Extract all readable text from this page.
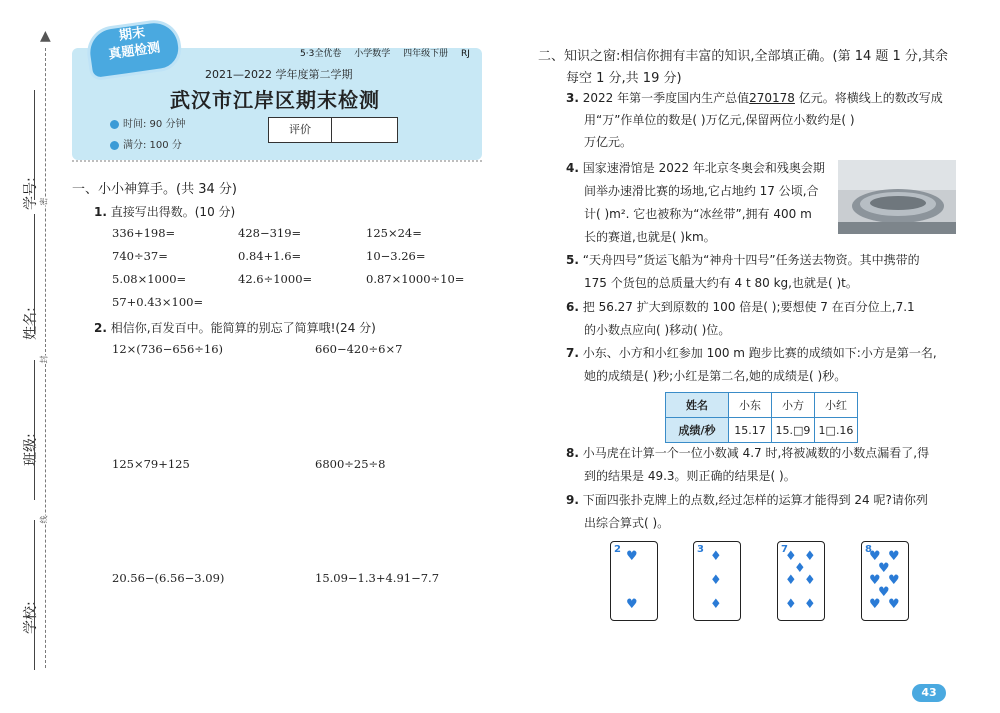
▲
密
封
线
学校:
班级:
姓名:
学号:
期末
真题检测	5·3全优卷 小学数学 四年级下册 RJ
2021—2022 学年度第二学期
武汉市江岸区期末检测
时间: 90 分钟
满分: 100 分
评价
一、小小神算手。(共 34 分)
1. 直接写出得数。(10 分)
336+198=	428−319=	125×24=
740÷37=	0.84+1.6=	10−3.26=
5.08×1000=	42.6÷1000=	0.87×1000÷10=
57+0.43×100=
2. 相信你,百发百中。能简算的别忘了简算哦!(24 分)
12×(736−656÷16)	660−420÷6×7
125×79+125	6800÷25÷8
20.56−(6.56−3.09)	15.09−1.3+4.91−7.7
二、知识之窗:相信你拥有丰富的知识,全部填正确。(第 14 题 1 分,其余
每空 1 分,共 19 分)
3. 2022 年第一季度国内生产总值270178 亿元。将横线上的数改写成
用“万”作单位的数是( )万亿元,保留两位小数约是( )
万亿元。
4. 国家速滑馆是 2022 年北京冬奥会和残奥会期
间举办速滑比赛的场地,它占地约 17 公顷,合
计( )m². 它也被称为“冰丝带”,拥有 400 m
长的赛道,也就是( )km。
5. “天舟四号”货运飞船为“神舟十四号”任务送去物资。其中携带的
175 个货包的总质量大约有 4 t 80 kg,也就是( )t。
6. 把 56.27 扩大到原数的 100 倍是( );要想使 7 在百分位上,7.1
的小数点应向( )移动( )位。
7. 小东、小方和小红参加 100 m 跑步比赛的成绩如下:小方是第一名,
她的成绩是( )秒;小红是第二名,她的成绩是( )秒。
姓名	小东	小方	小红
成绩/秒	15.17	15.□9	1□.16
8. 小马虎在计算一个一位小数减 4.7 时,将被减数的小数点漏看了,得
到的结果是 49.3。则正确的结果是( )。
9. 下面四张扑克牌上的点数,经过怎样的运算才能得到 24 呢?请你列
出综合算式( )。
2 ♥
♥
3 ♦
♦
♦
7
♦ ♦
♦
♦ ♦
♦ ♦
8
♥ ♥
♥
♥ ♥
♥
♥ ♥
43
